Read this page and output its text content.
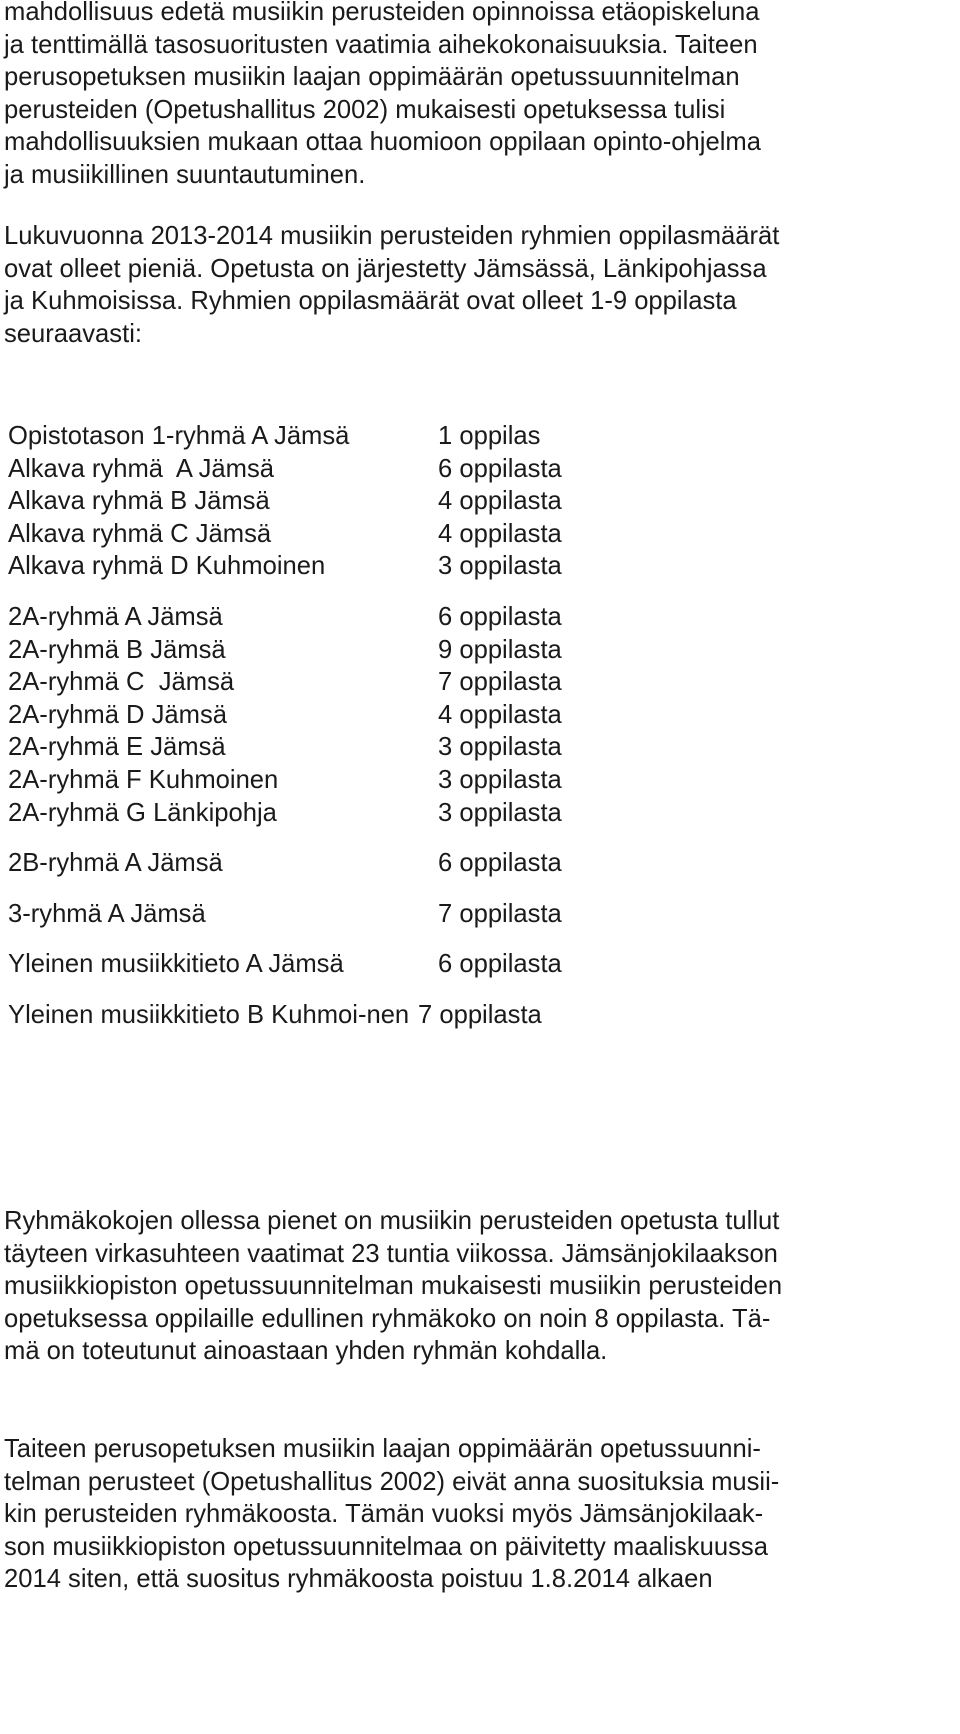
mahdollisuus edetä musiikin perusteiden opinnoissa etäopiskeluna
ja tenttimällä tasosuoritusten vaatimia aihekokonaisuuksia. Taiteen
perusopetuksen musiikin laajan oppimäärän opetussuunnitelman
perusteiden (Opetushallitus 2002) mukaisesti opetuksessa tulisi
mahdollisuuksien mukaan ottaa huomioon oppilaan opinto-ohjelma
ja musiikillinen suuntautuminen.

Lukuvuonna 2013-2014 musiikin perusteiden ryhmien oppilasmäärät
ovat olleet pieniä. Opetusta on järjestetty Jämsässä, Länkipohjassa
ja Kuhmoisissa. Ryhmien oppilasmäärät ovat olleet 1-9 oppilasta
seuraavasti:

Opistotason 1-ryhmä A Jämsä	1 oppilas
Alkava ryhmä  A Jämsä	6 oppilasta
Alkava ryhmä B Jämsä	4 oppilasta
Alkava ryhmä C Jämsä	4 oppilasta
Alkava ryhmä D Kuhmoinen	3 oppilasta
2A-ryhmä A Jämsä	6 oppilasta
2A-ryhmä B Jämsä	9 oppilasta
2A-ryhmä C  Jämsä	7 oppilasta
2A-ryhmä D Jämsä	4 oppilasta
2A-ryhmä E Jämsä	3 oppilasta
2A-ryhmä F Kuhmoinen	3 oppilasta
2A-ryhmä G Länkipohja	3 oppilasta
2B-ryhmä A Jämsä	6 oppilasta
3-ryhmä A Jämsä	7 oppilasta
Yleinen musiikkitieto A Jämsä	6 oppilasta
Yleinen musiikkitieto B Kuhmoi-nen 7 oppilasta

Ryhmäkokojen ollessa pienet on musiikin perusteiden opetusta tullut
täyteen virkasuhteen vaatimat 23 tuntia viikossa. Jämsänjokilaakson
musiikkiopiston opetussuunnitelman mukaisesti musiikin perusteiden
opetuksessa oppilaille edullinen ryhmäkoko on noin 8 oppilasta. Tä-
mä on toteutunut ainoastaan yhden ryhmän kohdalla.

Taiteen perusopetuksen musiikin laajan oppimäärän opetussuunni-
telman perusteet (Opetushallitus 2002) eivät anna suosituksia musii-
kin perusteiden ryhmäkoosta. Tämän vuoksi myös Jämsänjokilaak-
son musiikkiopiston opetussuunnitelmaa on päivitetty maaliskuussa
2014 siten, että suositus ryhmäkoosta poistuu 1.8.2014 alkaen
